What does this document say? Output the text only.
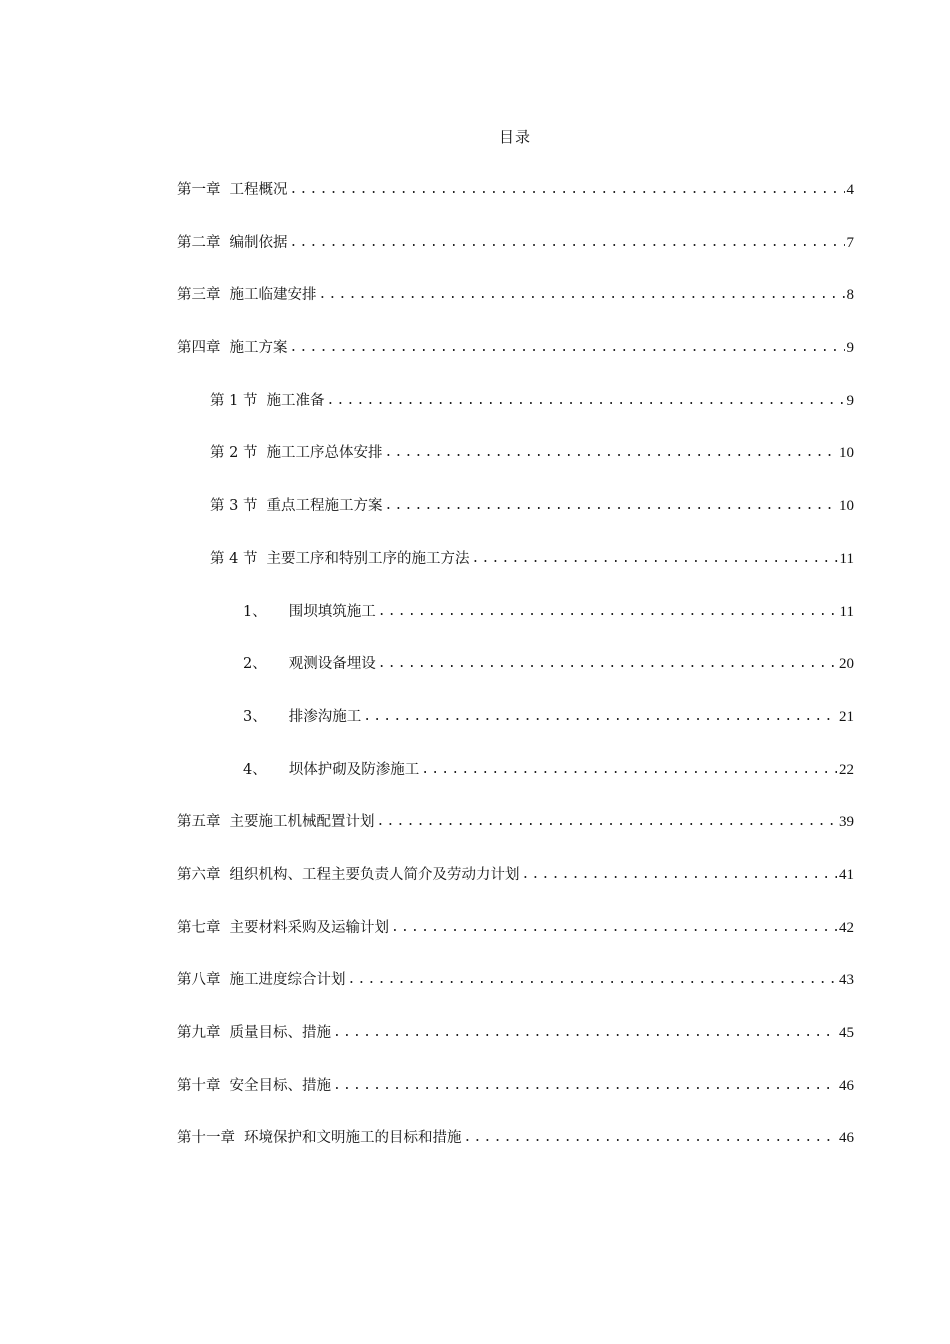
目录
第一章 工程概况 .....	4
第二章 编制依据 .....	7
第三章 施工临建安排 .....	8
第四章 施工方案 .....	9
第 1 节 施工准备 .....	9
第 2 节 施工工序总体安排 .....	10
第 3 节 重点工程施工方案 .....	10
第 4 节 主要工序和特别工序的施工方法 .....	11
1、 围坝填筑施工 .....	11
2、 观测设备埋设 .....	20
3、 排渗沟施工 .....	21
4、 坝体护砌及防渗施工 .....	22
第五章 主要施工机械配置计划 .....	39
第六章 组织机构、工程主要负责人简介及劳动力计划 .....	41
第七章 主要材料采购及运输计划 .....	42
第八章 施工进度综合计划 .....	43
第九章 质量目标、措施 .....	45
第十章 安全目标、措施 .....	46
第十一章 环境保护和文明施工的目标和措施 .....	46
